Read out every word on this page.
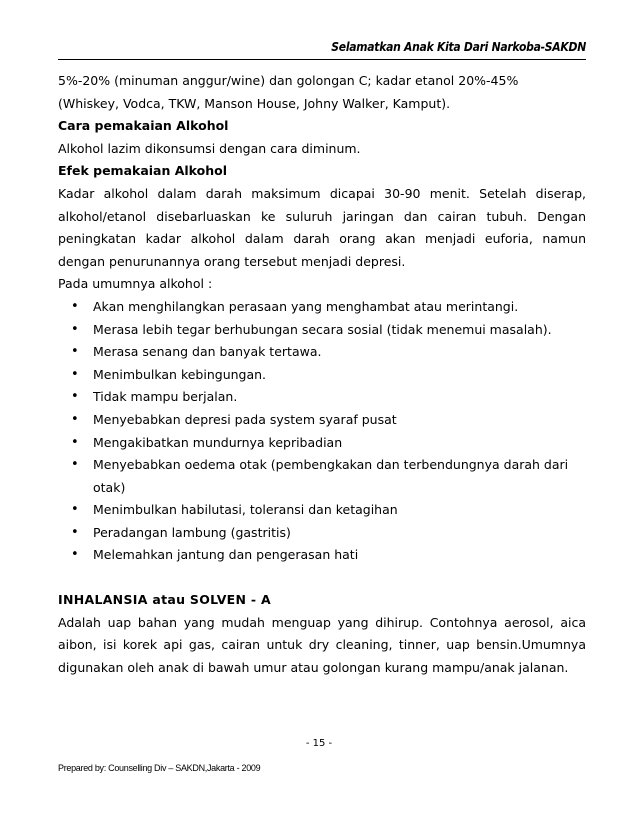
Selamatkan Anak Kita Dari Narkoba-SAKDN

5%-20% (minuman anggur/wine) dan golongan C; kadar etanol 20%-45%

(Whiskey, Vodca, TKW, Manson House, Johny Walker, Kamput).

Cara pemakaian Alkohol

Alkohol lazim dikonsumsi dengan cara diminum.

Efek pemakaian Alkohol

Kadar alkohol dalam darah maksimum dicapai 30-90 menit. Setelah diserap, alkohol/etanol disebarluaskan ke suluruh jaringan dan cairan tubuh. Dengan peningkatan kadar alkohol dalam darah orang akan menjadi euforia, namun dengan penurunannya orang tersebut menjadi depresi.

Pada umumnya alkohol :

• Akan menghilangkan perasaan yang menghambat atau merintangi.
• Merasa lebih tegar berhubungan secara sosial (tidak menemui masalah).
• Merasa senang dan banyak tertawa.
• Menimbulkan kebingungan.
• Tidak mampu berjalan.
• Menyebabkan depresi pada system syaraf pusat
• Mengakibatkan mundurnya kepribadian
• Menyebabkan oedema otak (pembengkakan dan terbendungnya darah dari otak)
• Menimbulkan habilutasi, toleransi dan ketagihan
• Peradangan lambung (gastritis)
• Melemahkan jantung dan pengerasan hati

INHALANSIA atau SOLVEN - A

Adalah uap bahan yang mudah menguap yang dihirup. Contohnya aerosol, aica aibon, isi korek api gas, cairan untuk dry cleaning, tinner, uap bensin.Umumnya digunakan oleh anak di bawah umur atau golongan kurang mampu/anak jalanan.

- 15 -
Prepared by: Counselling Div – SAKDN,Jakarta - 2009
